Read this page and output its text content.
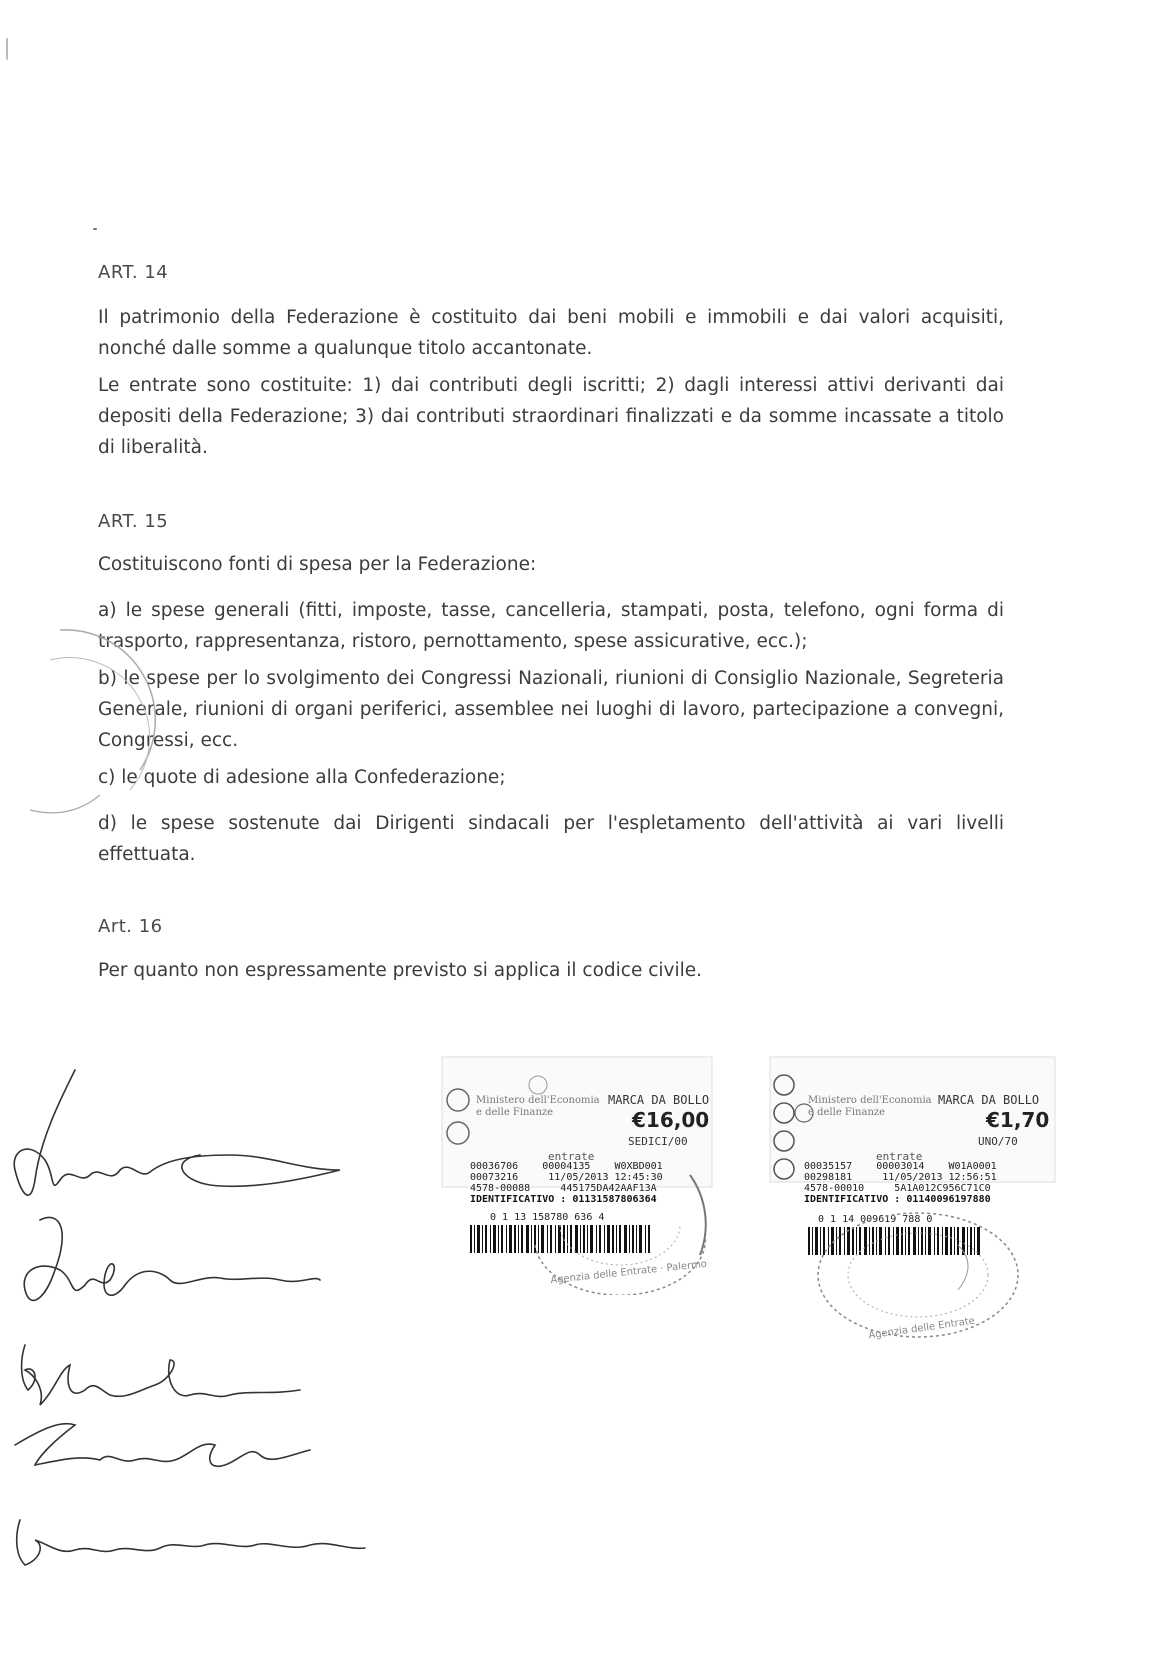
ART. 14
Il patrimonio della Federazione è costituito dai beni mobili e immobili e dai valori acquisiti, nonché dalle somme a qualunque titolo accantonate.
Le entrate sono costituite: 1) dai contributi degli iscritti; 2) dagli interessi attivi derivanti dai depositi della Federazione; 3) dai contributi straordinari finalizzati e da somme incassate a titolo di liberalità.
ART. 15
Costituiscono fonti di spesa per la Federazione:
a) le spese generali (fitti, imposte, tasse, cancelleria, stampati, posta, telefono, ogni forma di trasporto, rappresentanza, ristoro, pernottamento, spese assicurative, ecc.);
b) le spese per lo svolgimento dei Congressi Nazionali, riunioni di Consiglio Nazionale, Segreteria Generale, riunioni di organi periferici, assemblee nei luoghi di lavoro, partecipazione a convegni, Congressi, ecc.
c) le quote di adesione alla Confederazione;
d) le spese sostenute dai Dirigenti sindacali per l'espletamento dell'attività ai vari livelli effettuata.
Art. 16
Per quanto non espressamente previsto si applica il codice civile.
Ministero dell'Economia e delle Finanze
MARCA DA BOLLO
€16,00
SEDICI/00
entrate
00036706    00004135    W0XBD001
00073216     11/05/2013 12:45:30
4578-00088     445175DA42AAF13A
IDENTIFICATIVO : 01131587806364
0 1 13 158780 636 4
Agenzia delle Entrate · Palermo
Ministero dell'Economia e delle Finanze
MARCA DA BOLLO
€1,70
UNO/70
entrate
00035157    00003014    W01A0001
00298181     11/05/2013 12:56:51
4578-00010     5A1A012C956C71C0
IDENTIFICATIVO : 01140096197880
0 1 14 009619 788 0
Agenzia delle Entrate
